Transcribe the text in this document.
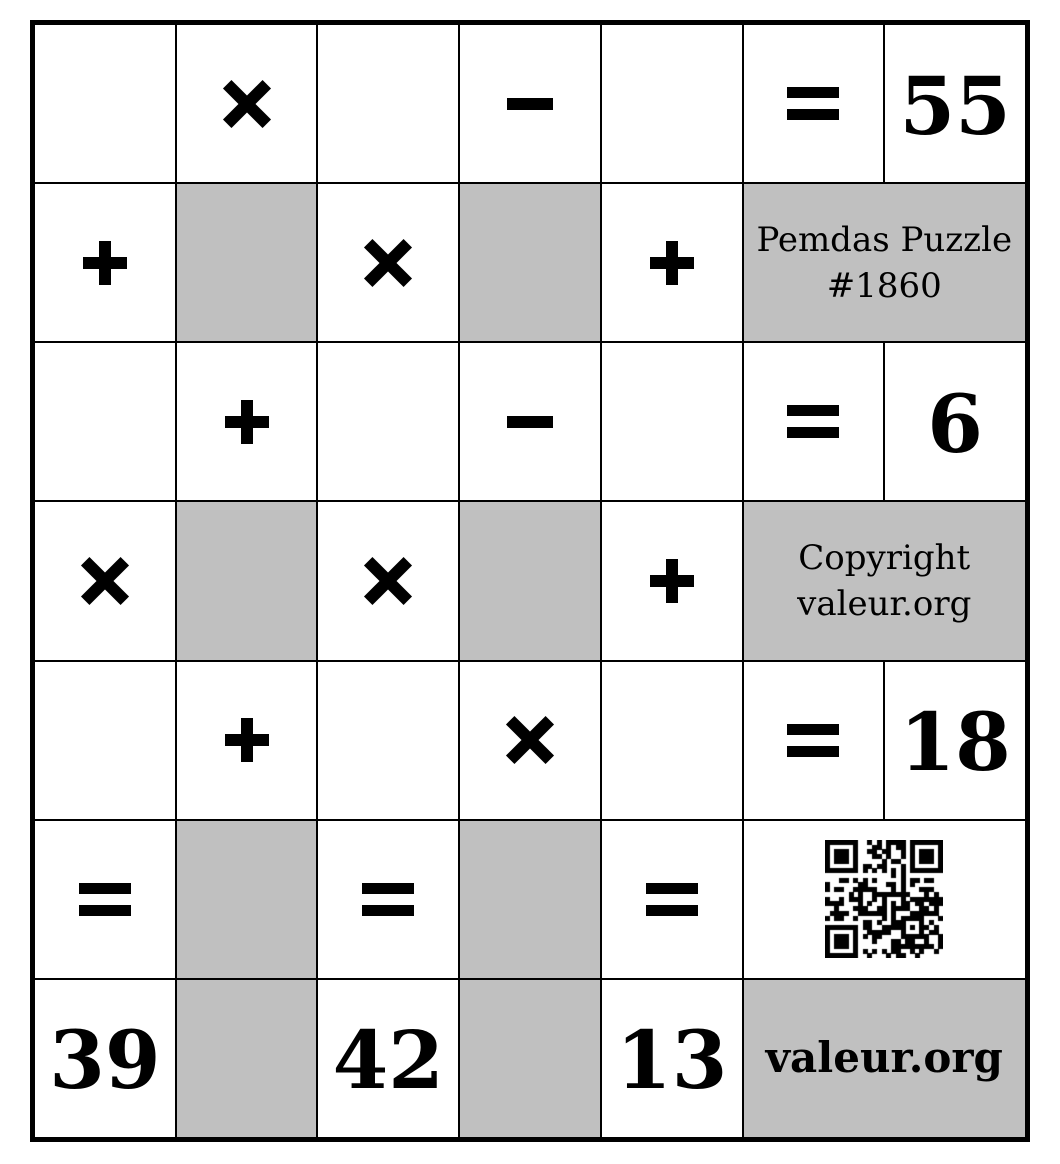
55
Pemdas Puzzle
#1860
6
Copyright
valeur.org
18
39 42 13 valeur.org
